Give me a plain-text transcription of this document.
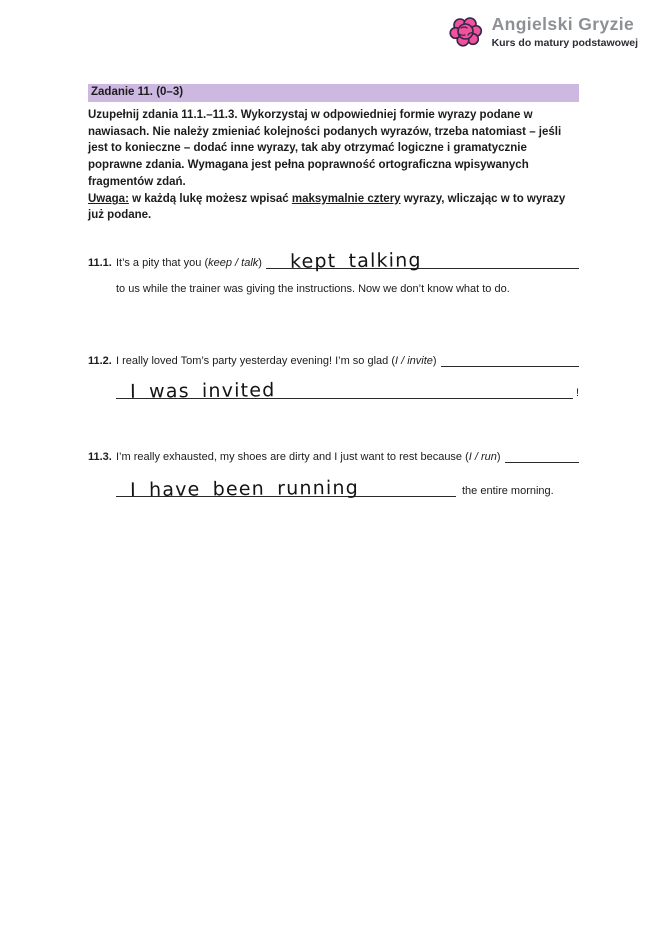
Angielski Gryzie
Kurs do matury podstawowej
Zadanie 11. (0–3)
Uzupełnij zdania 11.1.–11.3. Wykorzystaj w odpowiedniej formie wyrazy podane w nawiasach. Nie należy zmieniać kolejności podanych wyrazów, trzeba natomiast – jeśli jest to konieczne – dodać inne wyrazy, tak aby otrzymać logiczne i gramatycznie poprawne zdania. Wymagana jest pełna poprawność ortograficzna wpisywanych fragmentów zdań.
Uwaga: w każdą lukę możesz wpisać maksymalnie cztery wyrazy, wliczając w to wyrazy już podane.
11.1. It’s a pity that you (keep / talk) kept talking
to us while the trainer was giving the instructions. Now we don’t know what to do.
11.2. I really loved Tom’s party yesterday evening! I’m so glad (I / invite)
I was invited	!
11.3. I’m really exhausted, my shoes are dirty and I just want to rest because (I / run)
I have been running	the entire morning.
